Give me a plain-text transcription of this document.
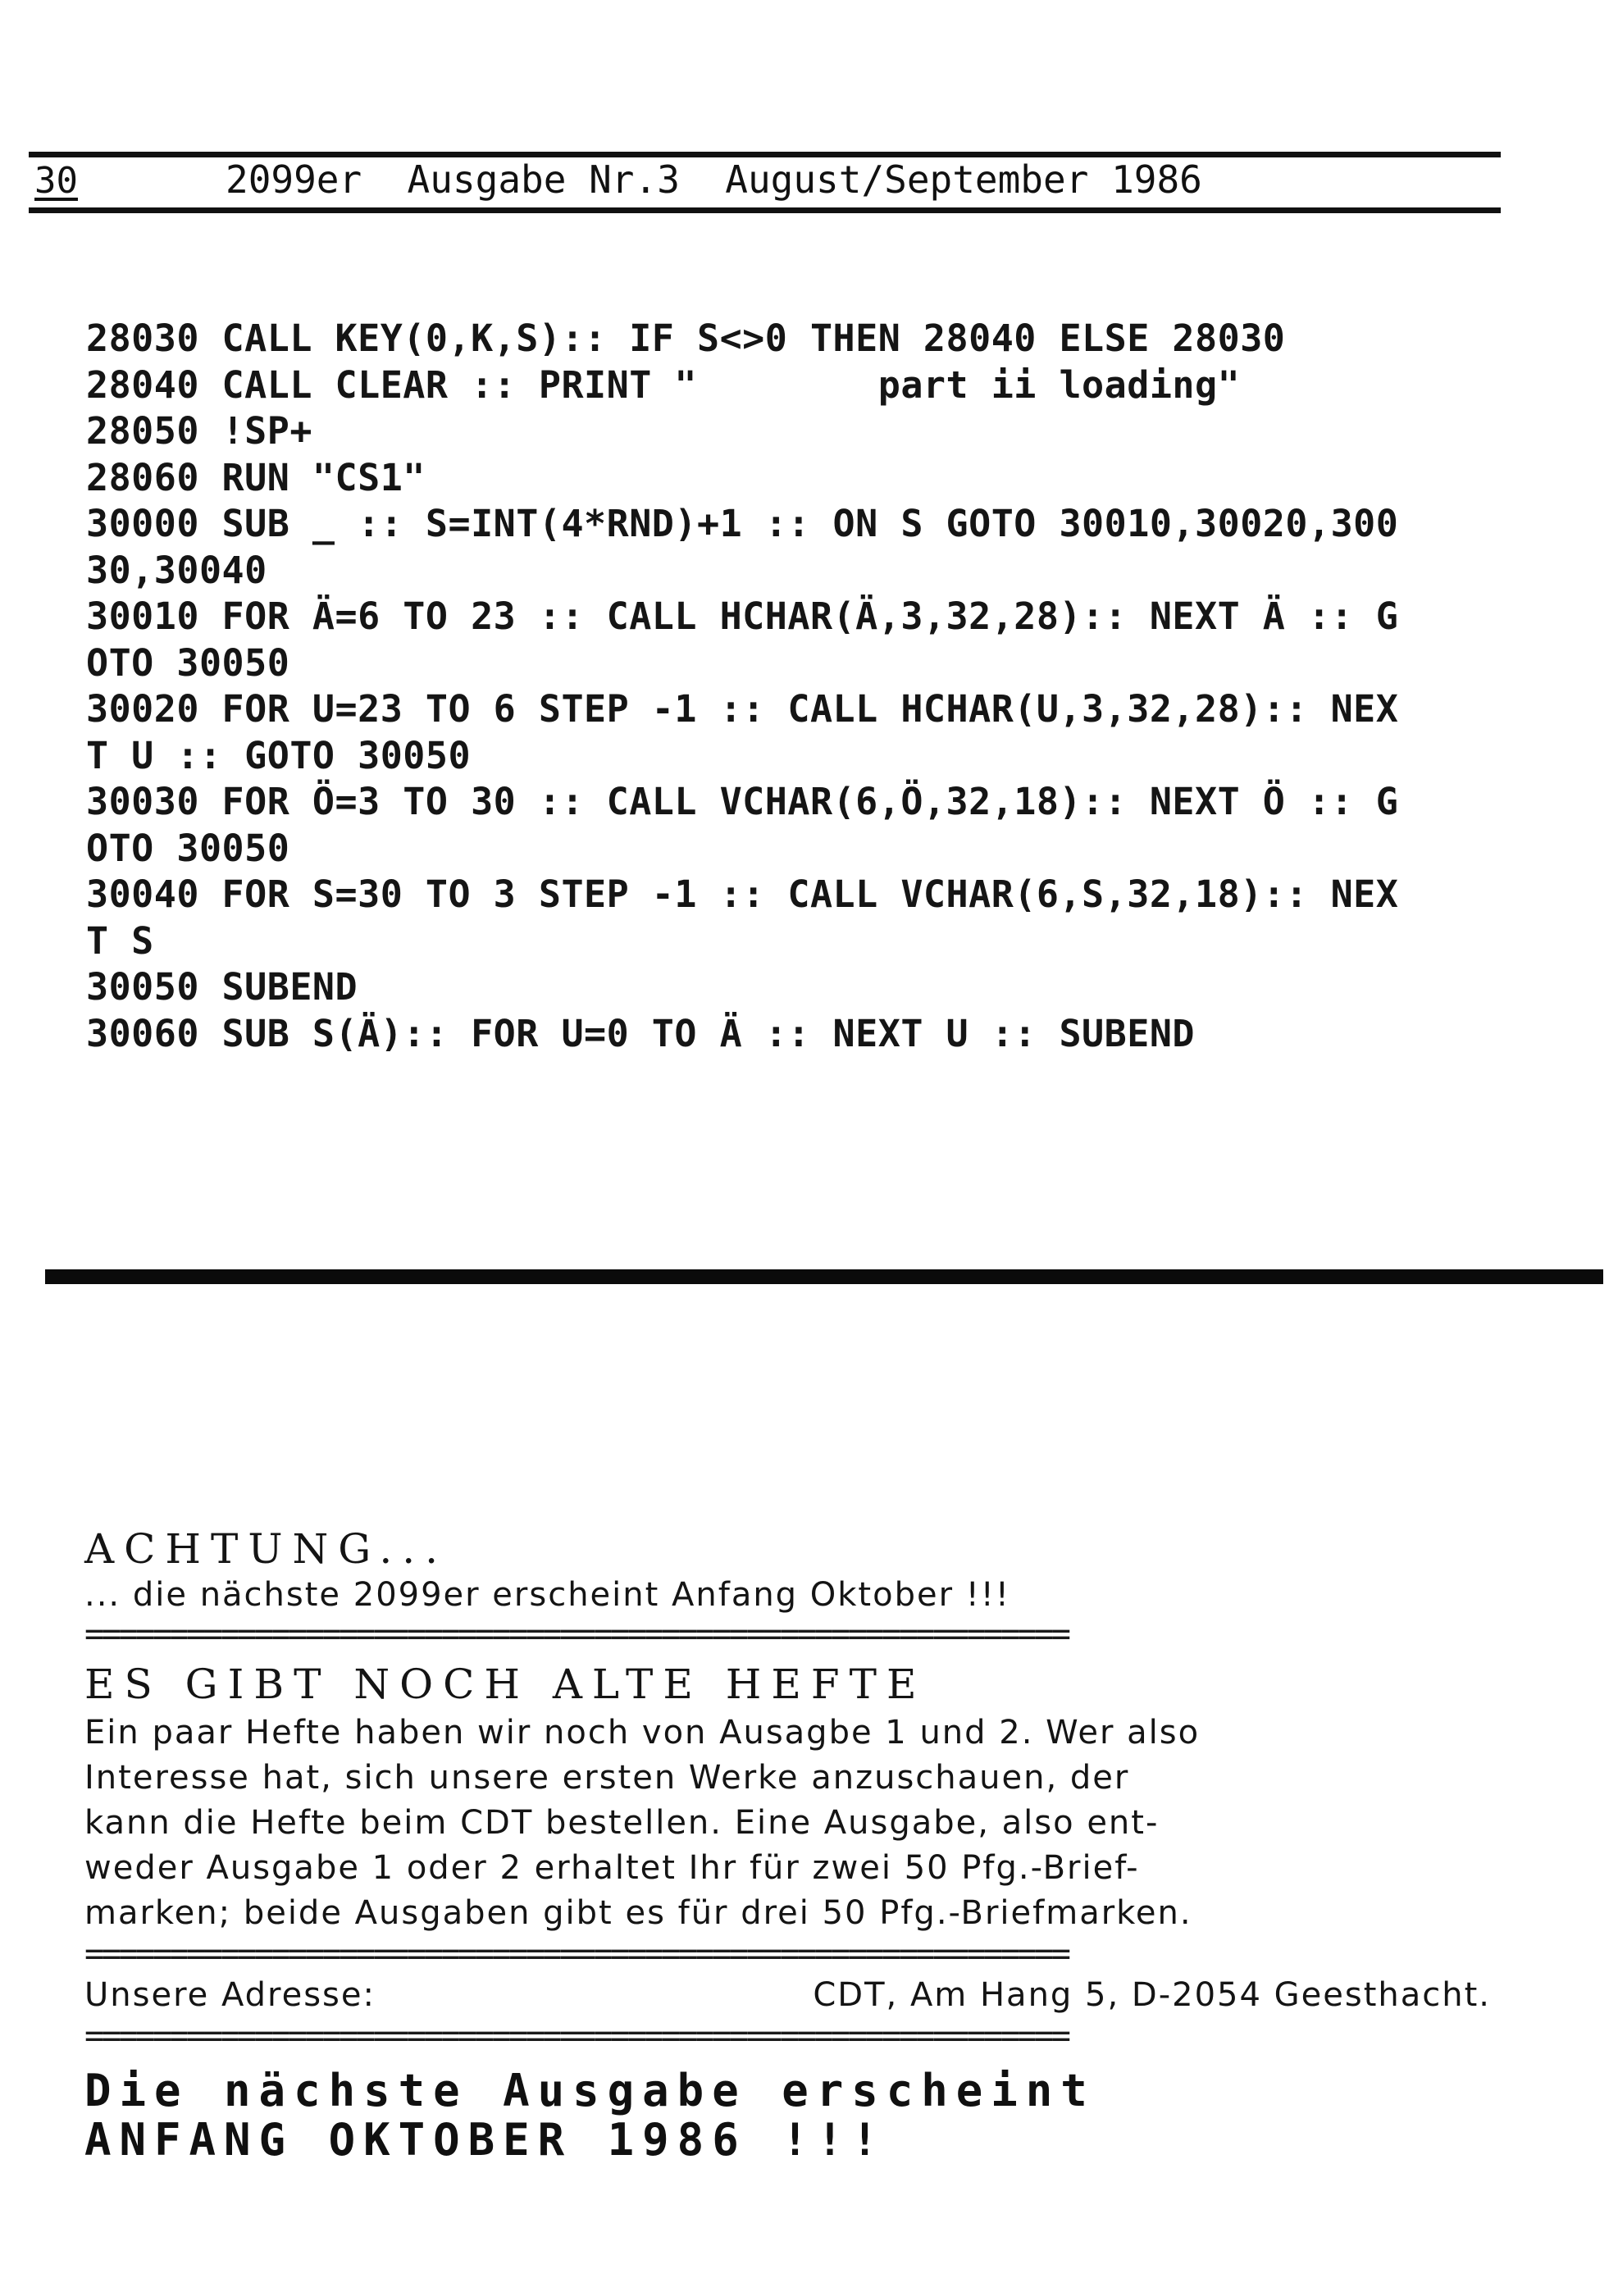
30	2099er  Ausgabe Nr.3  August/September 1986
28030 CALL KEY(0,K,S):: IF S<>0 THEN 28040 ELSE 28030
28040 CALL CLEAR :: PRINT "        part ii loading"
28050 !SP+
28060 RUN "CS1"
30000 SUB _ :: S=INT(4*RND)+1 :: ON S GOTO 30010,30020,300
30,30040
30010 FOR Ä=6 TO 23 :: CALL HCHAR(Ä,3,32,28):: NEXT Ä :: G
OTO 30050
30020 FOR U=23 TO 6 STEP -1 :: CALL HCHAR(U,3,32,28):: NEX
T U :: GOTO 30050
30030 FOR Ö=3 TO 30 :: CALL VCHAR(6,Ö,32,18):: NEXT Ö :: G
OTO 30050
30040 FOR S=30 TO 3 STEP -1 :: CALL VCHAR(6,S,32,18):: NEX
T S
30050 SUBEND
30060 SUB S(Ä):: FOR U=0 TO Ä :: NEXT U :: SUBEND
ACHTUNG...
... die nächste 2099er erscheint Anfang Oktober !!!
==========================================================
ES GIBT NOCH ALTE HEFTE
Ein paar Hefte haben wir noch von Ausagbe 1 und 2. Wer also
Interesse hat, sich unsere ersten Werke anzuschauen, der
kann die Hefte beim CDT bestellen. Eine Ausgabe, also ent-
weder Ausgabe 1 oder 2 erhaltet Ihr für zwei 50 Pfg.-Brief-
marken; beide Ausgaben gibt es für drei 50 Pfg.-Briefmarken.
==========================================================
Unsere Adresse:	CDT, Am Hang 5, D-2054 Geesthacht.
==========================================================
Die nächste Ausgabe erscheint
ANFANG OKTOBER 1986 !!!
